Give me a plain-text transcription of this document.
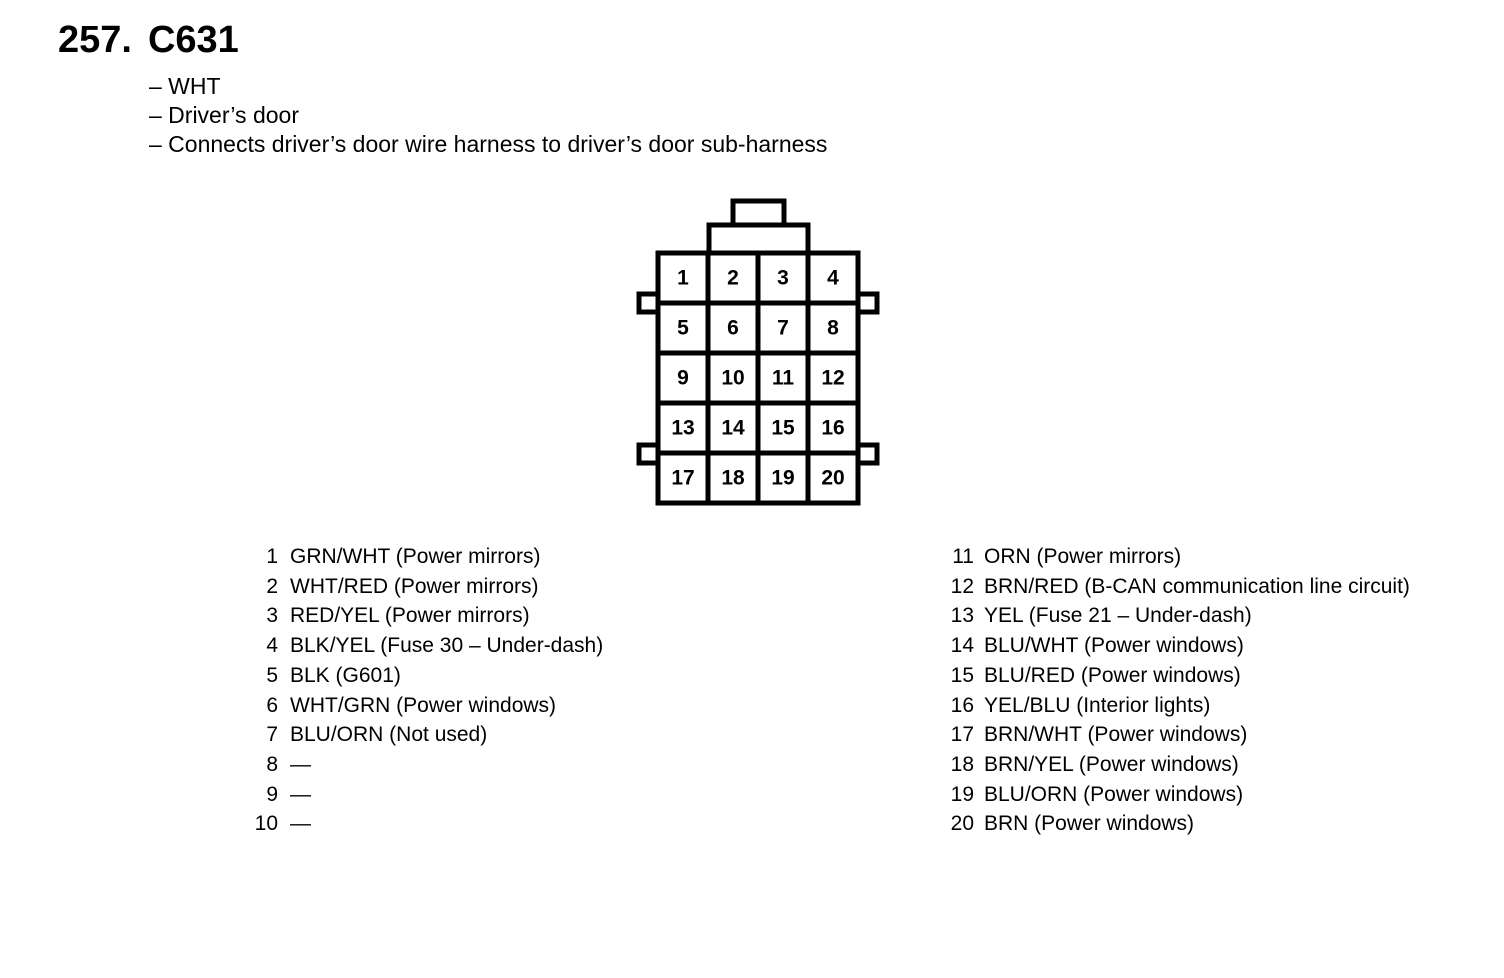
257. C631
– WHT
– Driver’s door
– Connects driver’s door wire harness to driver’s door sub-harness
1 2 3 4
5 6 7 8
9 10 11 12
13 14 15 16
17 18 19 20
1 GRN/WHT (Power mirrors)
2 WHT/RED (Power mirrors)
3 RED/YEL (Power mirrors)
4 BLK/YEL (Fuse 30 – Under-dash)
5 BLK (G601)
6 WHT/GRN (Power windows)
7 BLU/ORN (Not used)
8 —
9 —
10 —
11 ORN (Power mirrors)
12 BRN/RED (B-CAN communication line circuit)
13 YEL (Fuse 21 – Under-dash)
14 BLU/WHT (Power windows)
15 BLU/RED (Power windows)
16 YEL/BLU (Interior lights)
17 BRN/WHT (Power windows)
18 BRN/YEL (Power windows)
19 BLU/ORN (Power windows)
20 BRN (Power windows)
